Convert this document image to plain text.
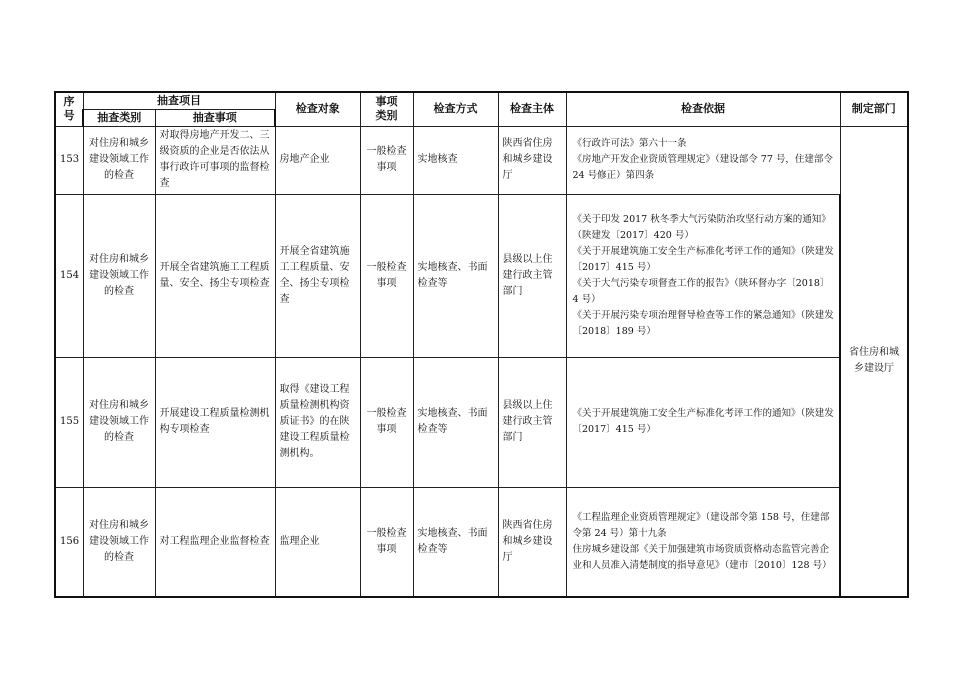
序号	抽查项目		检查对象	事项类别	检查方式	检查主体	检查依据	制定部门
	抽查类别	抽查事项						
153	对住房和城乡建设领域工作的检查	对取得房地产开发二、三级资质的企业是否依法从事行政许可事项的监督检查	房地产企业	一般检查事项	实地核查	陕西省住房和城乡建设厅	《行政许可法》第六十一条
《房地产开发企业资质管理规定》（建设部令 77 号，住建部令 24 号修正）第四条	省住房和城乡建设厅
154	对住房和城乡建设领域工作的检查	开展全省建筑施工工程质量、安全、扬尘专项检查	开展全省建筑施工工程质量、安全、扬尘专项检查	一般检查事项	实地核查、书面检查等	县级以上住建行政主管部门	《关于印发 2017 秋冬季大气污染防治攻坚行动方案的通知》（陕建发〔2017〕420 号）
《关于开展建筑施工安全生产标准化考评工作的通知》（陕建发〔2017〕415 号）
《关于大气污染专项督查工作的报告》（陕环督办字〔2018〕4 号）
《关于开展污染专项治理督导检查等工作的紧急通知》（陕建发〔2018〕189 号）	

155	对住房和城乡建设领域工作的检查	开展建设工程质量检测机构专项检查	取得《建设工程质量检测机构资质证书》的在陕建设工程质量检测机构。	一般检查事项	实地核查、书面检查等	县级以上住建行政主管部门	《关于开展建筑施工安全生产标准化考评工作的通知》（陕建发〔2017〕415 号）	

156	对住房和城乡建设领域工作的检查	对工程监理企业监督检查	监理企业	一般检查事项	实地核查、书面检查等	陕西省住房和城乡建设厅	《工程监理企业资质管理规定》（建设部令第 158 号，住建部令第 24 号）第十九条
住房城乡建设部《关于加强建筑市场资质资格动态监管完善企业和人员准入清楚制度的指导意见》（建市〔2010〕128 号）	
